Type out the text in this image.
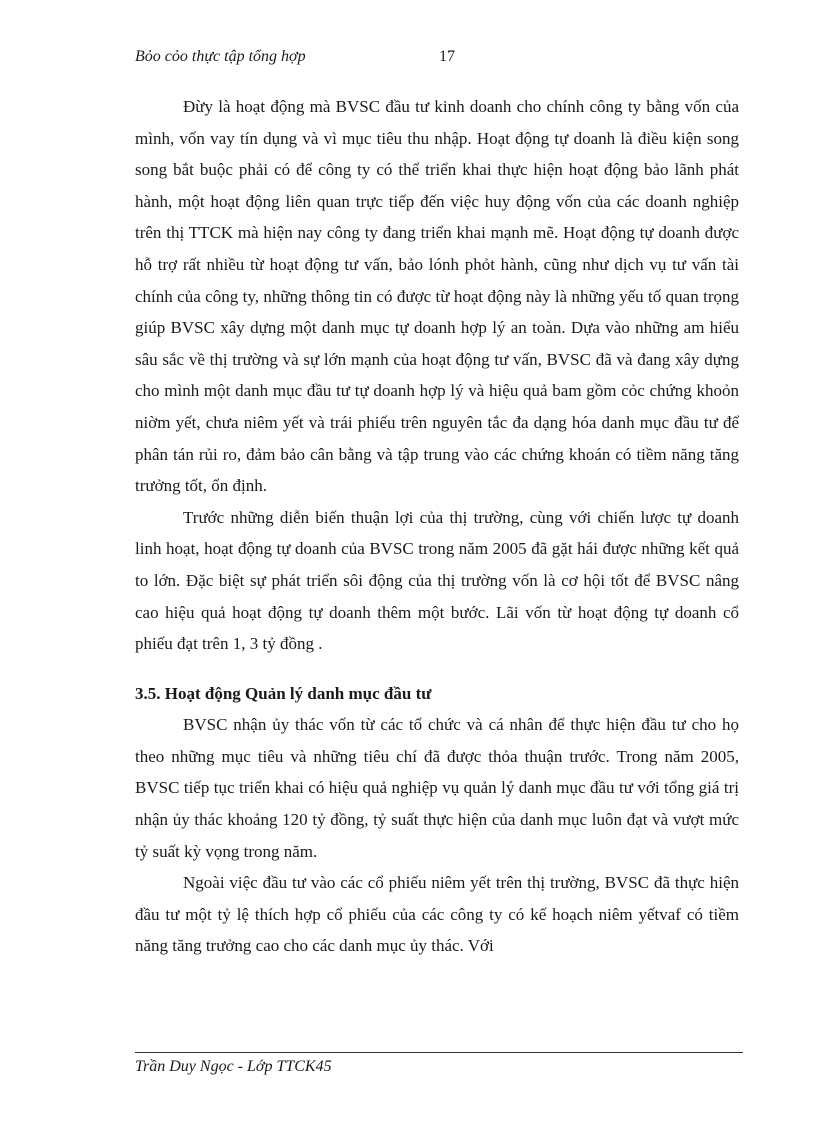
Bỏo cỏo thực tập tổng hợp	17

Đừy là hoạt động mà BVSC đầu tư kinh doanh cho chính công ty bằng vốn của mình, vốn vay tín dụng và vì mục tiêu thu nhập. Hoạt động tự doanh là điều kiện song song bắt buộc phải có để công ty có thể triển khai thực hiện hoạt động bảo lãnh phát hành, một hoạt động liên quan trực tiếp đến việc huy động vốn của các doanh nghiệp trên thị TTCK mà hiện nay công ty đang triển khai mạnh mẽ. Hoạt động tự doanh được hỗ trợ rất nhiều từ hoạt động tư vấn, bảo lónh phỏt hành, cũng như dịch vụ tư vấn tài chính của công ty, những thông tin có được từ hoạt động này là những yếu tố quan trọng giúp BVSC xây dựng một danh mục tự doanh hợp lý an toàn. Dựa vào những am hiểu sâu sắc về thị trường và sự lớn mạnh của hoạt động tư vấn, BVSC đã và đang xây dựng cho mình một danh mục đầu tư tự doanh hợp lý và hiệu quả bam gồm cỏc chứng khoỏn niờm yết, chưa niêm yết và trái phiếu trên nguyên tắc đa dạng hóa danh mục đầu tư để phân tán rủi ro, đảm bảo cân bằng và tập trung vào các chứng khoán có tiềm năng tăng trưởng tốt, ổn định.

Trước những diễn biến thuận lợi của thị trường, cùng với chiến lược tự doanh linh hoạt, hoạt động tự doanh của BVSC trong năm 2005 đã gặt hái được những kết quả to lớn. Đặc biệt sự phát triển sôi động của thị trường vốn là cơ hội tốt để BVSC nâng cao hiệu quả hoạt động tự doanh thêm một bước. Lãi vốn từ hoạt động tự doanh cổ phiếu đạt trên 1, 3 tỷ đồng .

3.5. Hoạt động Quản lý danh mục đầu tư

BVSC nhận ủy thác vốn từ các tổ chức và cá nhân để thực hiện đầu tư cho họ theo những mục tiêu và những tiêu chí đã được thỏa thuận trước. Trong năm 2005, BVSC tiếp tục triển khai có hiệu quả nghiệp vụ quản lý danh mục đầu tư với tổng giá trị nhận ủy thác khoảng 120 tỷ đồng, tỷ suất thực hiện của danh mục luôn đạt và vượt mức tỷ suất kỳ vọng trong năm.

Ngoài việc đầu tư vào các cổ phiếu niêm yết trên thị trường, BVSC đã thực hiện đầu tư một tỷ lệ thích hợp cổ phiếu của các công ty có kế hoạch niêm yếtvaf có tiềm năng tăng trưởng cao cho các danh mục ủy thác. Với

Trần Duy Ngọc - Lớp TTCK45
